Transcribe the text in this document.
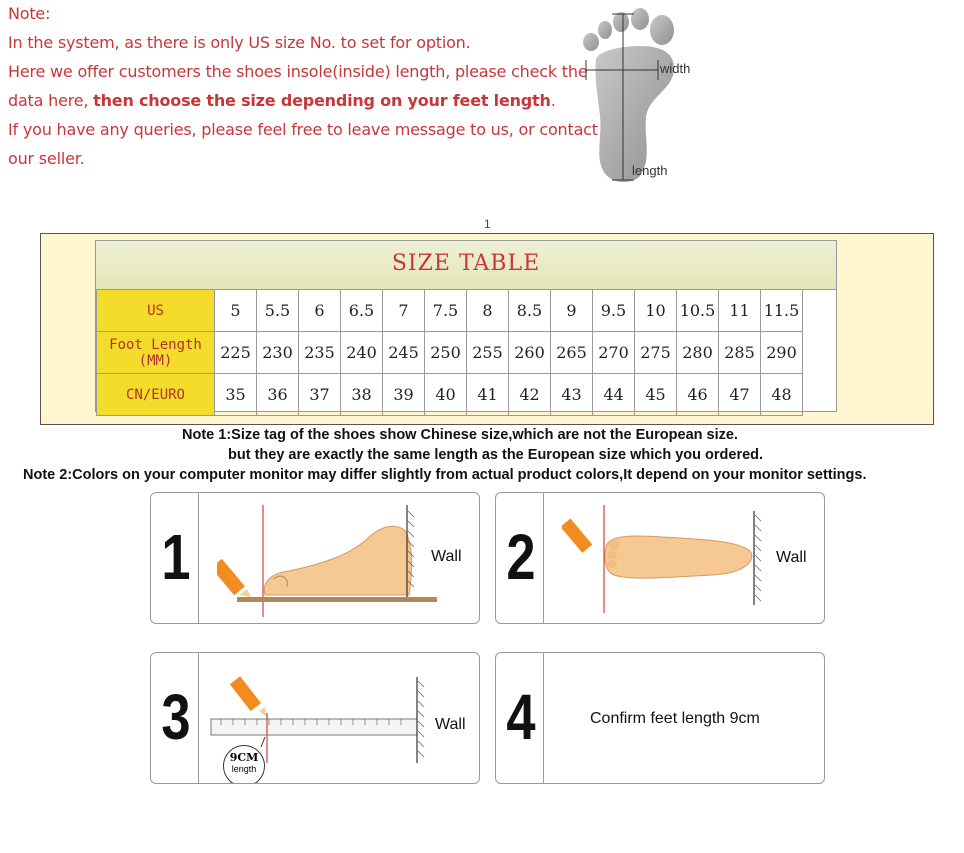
Note:
In the system, as there is only US size No. to set for option.
Here we offer customers the shoes insole(inside) length, please check the
data here, then choose the size depending on your feet length.
If you have any queries, please feel free to leave message to us, or contact
our seller.
width
length
1
SIZE TABLE
US	5	5.5	6	6.5	7	7.5	8	8.5	9	9.5	10	10.5	11	11.5
Foot Length
(MM)	225	230	235	240	245	250	255	260	265	270	275	280	285	290
CN/EURO	35	36	37	38	39	40	41	42	43	44	45	46	47	48
Note 1:Size tag of the shoes show Chinese size,which are not the European size.
but they are exactly the same length as the European size which you ordered.
Note 2:Colors on your computer monitor may differ slightly from actual product colors,It depend on your monitor settings.
1	Wall 2	Wall
3
9CM
length
Wall 4	Confirm feet length 9cm
